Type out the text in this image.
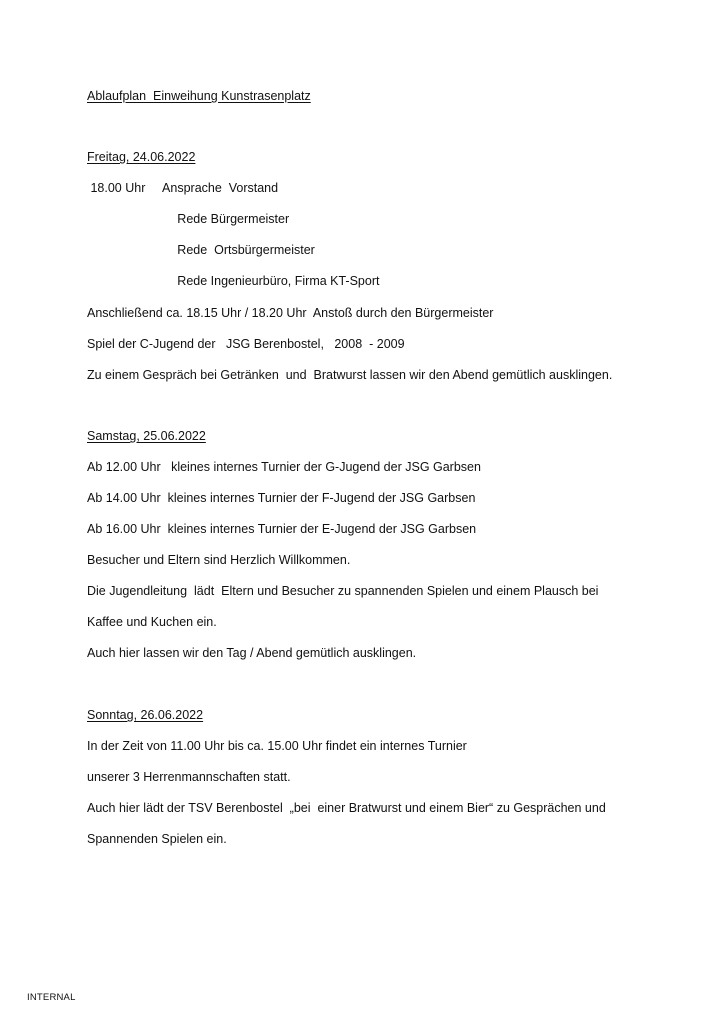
Ablaufplan  Einweihung Kunstrasenplatz
Freitag, 24.06.2022
18.00 Uhr     Ansprache  Vorstand
Rede Bürgermeister
Rede  Ortsbürgermeister
Rede Ingenieurbüro, Firma KT-Sport
Anschließend ca. 18.15 Uhr / 18.20 Uhr  Anstoß durch den Bürgermeister
Spiel der C-Jugend der   JSG Berenbostel,   2008  - 2009
Zu einem Gespräch bei Getränken  und  Bratwurst lassen wir den Abend gemütlich ausklingen.
Samstag, 25.06.2022
Ab 12.00 Uhr   kleines internes Turnier der G-Jugend der JSG Garbsen
Ab 14.00 Uhr  kleines internes Turnier der F-Jugend der JSG Garbsen
Ab 16.00 Uhr  kleines internes Turnier der E-Jugend der JSG Garbsen
Besucher und Eltern sind Herzlich Willkommen.
Die Jugendleitung  lädt  Eltern und Besucher zu spannenden Spielen und einem Plausch bei
Kaffee und Kuchen ein.
Auch hier lassen wir den Tag / Abend gemütlich ausklingen.
Sonntag, 26.06.2022
In der Zeit von 11.00 Uhr bis ca. 15.00 Uhr findet ein internes Turnier
unserer 3 Herrenmannschaften statt.
Auch hier lädt der TSV Berenbostel  „bei  einer Bratwurst und einem Bier“ zu Gesprächen und
Spannenden Spielen ein.
INTERNAL
